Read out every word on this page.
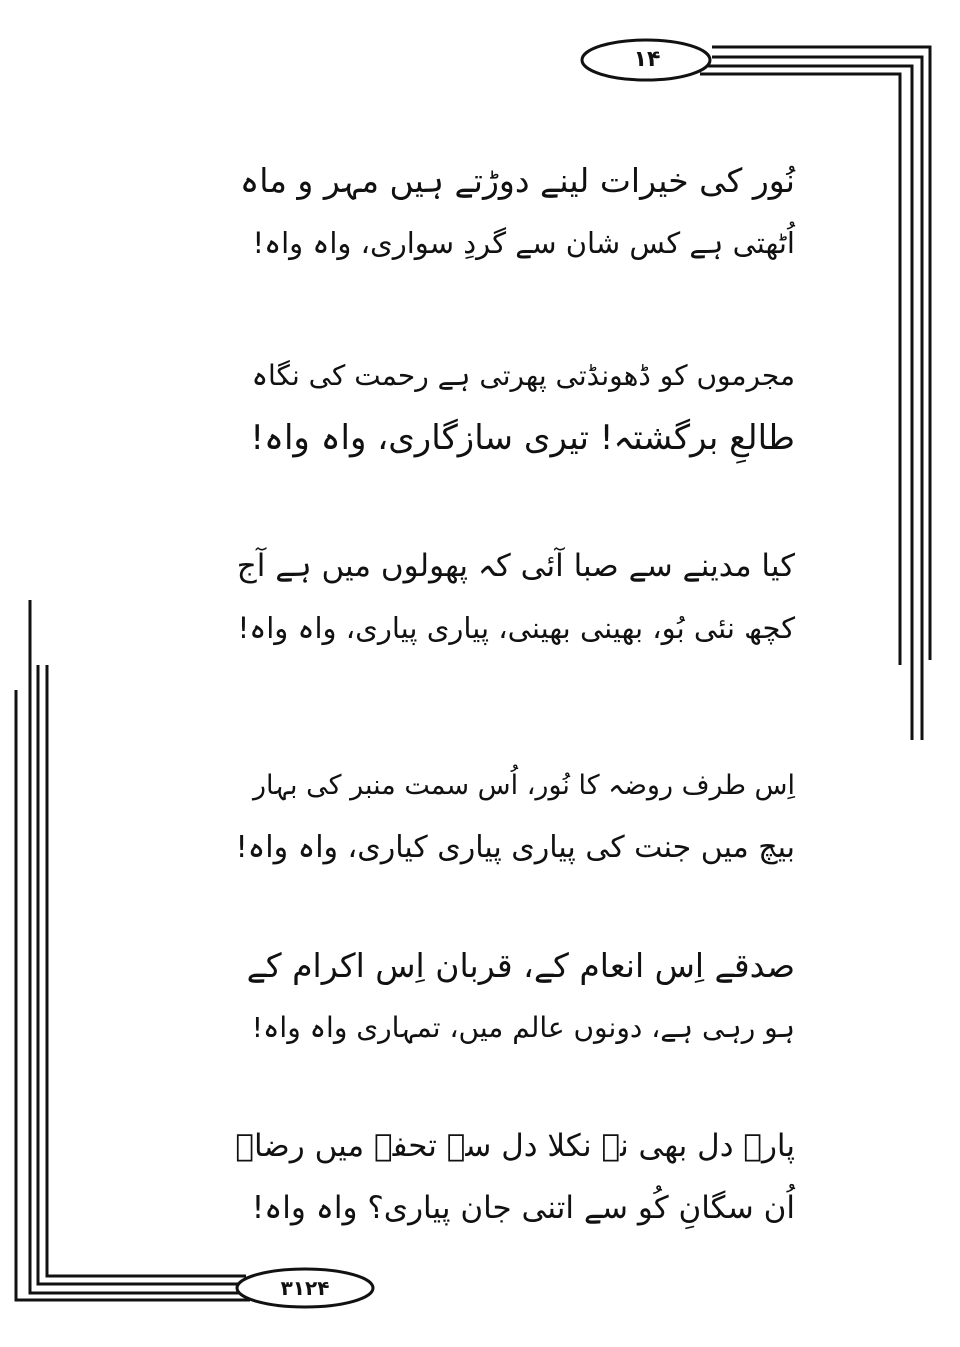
۱۴
۳۱۲۴
نُور کی خیرات لینے دوڑتے ہیں مہر و ماہ
اُٹھتی ہے کس شان سے گردِ سواری، واہ واہ!
مجرموں کو ڈھونڈتی پھرتی ہے رحمت کی نگاہ
طالعِ برگشتہ! تیری سازگاری، واہ واہ!
کیا مدینے سے صبا آئی کہ پھولوں میں ہے آج
کچھ نئی بُو، بھینی بھینی، پیاری پیاری، واہ واہ!
اِس طرف روضہ کا نُور، اُس سمت منبر کی بہار
بیچ میں جنت کی پیاری پیاری کیاری، واہ واہ!
صدقے اِس انعام کے، قربان اِس اکرام کے
ہو رہی ہے، دونوں عالم میں، تمہاری واہ واہ!
پارۂ دل بھی نہ نکلا دل سے تحفے میں رضاؔ
اُن سگانِ کُو سے اتنی جان پیاری؟ واہ واہ!
